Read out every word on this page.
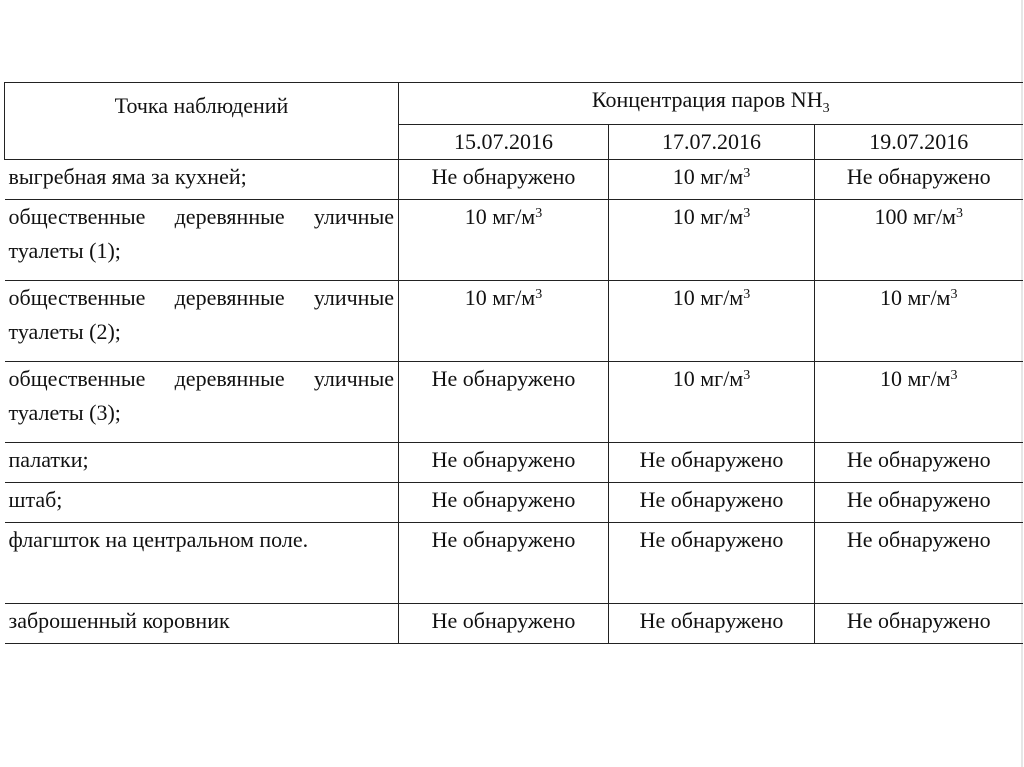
Точка наблюдений	Концентрация паров $NH_3$
	15.07.2016	17.07.2016	19.07.2016
выгребная яма за кухней;	Не обнаружено	10 $мг/м^3$	Не обнаружено
общественные деревянные уличные туалеты (1);	10 $мг/м^3$	10 $мг/м^3$	100 $мг/м^3$
общественные деревянные уличные туалеты (2);	10 $мг/м^3$	10 $мг/м^3$	10 $мг/м^3$
общественные деревянные уличные туалеты (3);	Не обнаружено	10 $мг/м^3$	10 $мг/м^3$
палатки;	Не обнаружено	Не обнаружено	Не обнаружено
штаб;	Не обнаружено	Не обнаружено	Не обнаружено
флагшток на центральном поле.	Не обнаружено	Не обнаружено	Не обнаружено
заброшенный коровник	Не обнаружено	Не обнаружено	Не обнаружено
